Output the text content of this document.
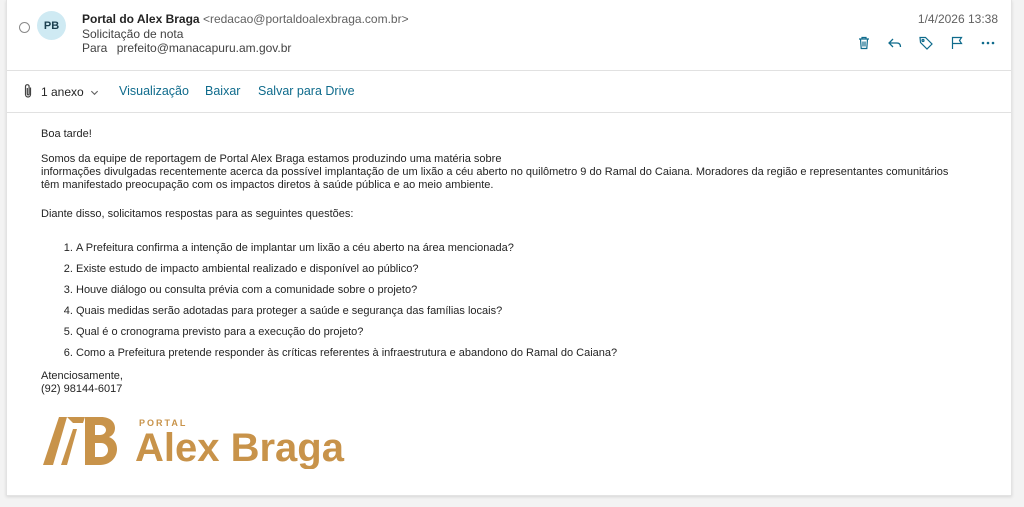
PB	Portal do Alex Braga <redacao@portaldoalexbraga.com.br>
Solicitação de nota
Para prefeito@manacapuru.am.gov.br
1/4/2026 13:38
1 anexo	Visualização Baixar Salvar para Drive

Boa tarde!

Somos da equipe de reportagem de Portal Alex Braga estamos produzindo uma matéria sobre

informações divulgadas recentemente acerca da possível implantação de um lixão a céu aberto no quilômetro 9 do Ramal do Caiana. Moradores da região e representantes comunitários

têm manifestado preocupação com os impactos diretos à saúde pública e ao meio ambiente.

Diante disso, solicitamos respostas para as seguintes questões:

1. A Prefeitura confirma a intenção de implantar um lixão a céu aberto na área mencionada?
2. Existe estudo de impacto ambiental realizado e disponível ao público?
3. Houve diálogo ou consulta prévia com a comunidade sobre o projeto?
4. Quais medidas serão adotadas para proteger a saúde e segurança das famílias locais?
5. Qual é o cronograma previsto para a execução do projeto?
6. Como a Prefeitura pretende responder às críticas referentes à infraestrutura e abandono do Ramal do Caiana?

Atenciosamente,

(92) 98144-6017

PORTAL
Alex Braga
